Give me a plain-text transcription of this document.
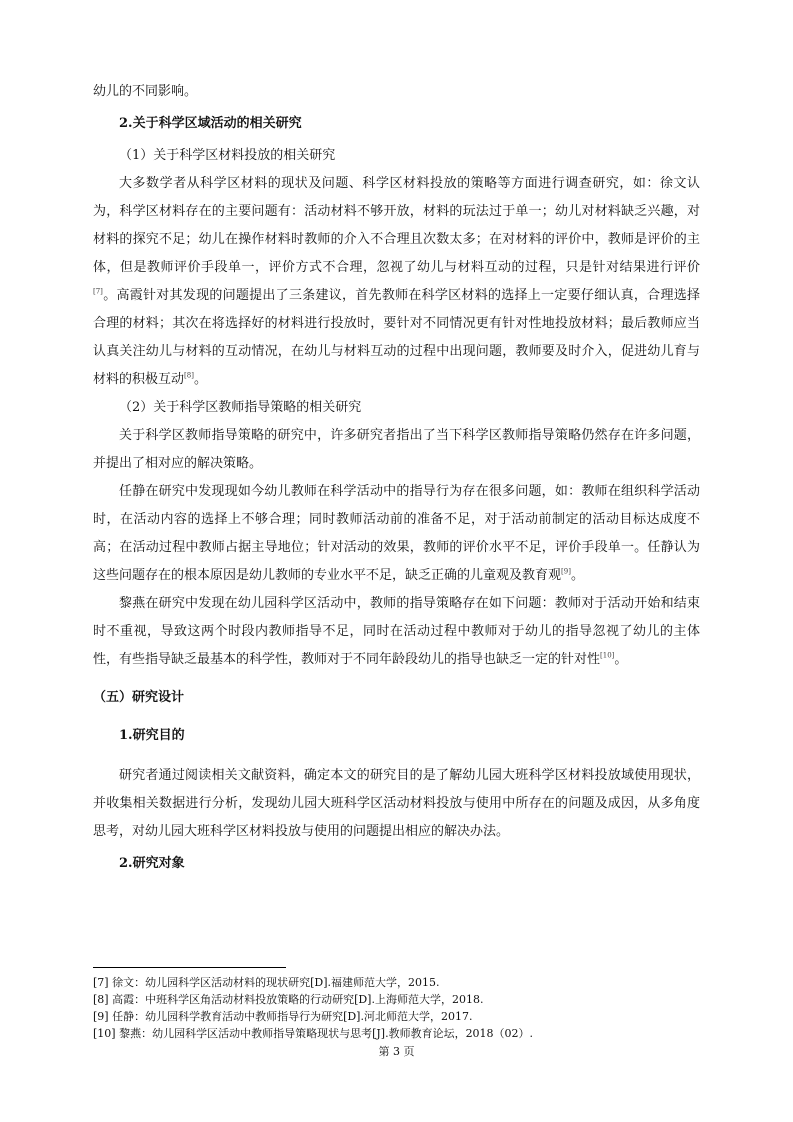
幼儿的不同影响。

2.关于科学区域活动的相关研究

（1）关于科学区材料投放的相关研究

大多数学者从科学区材料的现状及问题、科学区材料投放的策略等方面进行调查研究，如：徐文认为，科学区材料存在的主要问题有：活动材料不够开放，材料的玩法过于单一；幼儿对材料缺乏兴趣，对材料的探究不足；幼儿在操作材料时教师的介入不合理且次数太多；在对材料的评价中，教师是评价的主体，但是教师评价手段单一，评价方式不合理，忽视了幼儿与材料互动的过程，只是针对结果进行评价[7]。高霞针对其发现的问题提出了三条建议，首先教师在科学区材料的选择上一定要仔细认真，合理选择合理的材料；其次在将选择好的材料进行投放时，要针对不同情况更有针对性地投放材料；最后教师应当认真关注幼儿与材料的互动情况，在幼儿与材料互动的过程中出现问题，教师要及时介入，促进幼儿育与材料的积极互动[8]。

（2）关于科学区教师指导策略的相关研究

关于科学区教师指导策略的研究中，许多研究者指出了当下科学区教师指导策略仍然存在许多问题，并提出了相对应的解决策略。

任静在研究中发现现如今幼儿教师在科学活动中的指导行为存在很多问题，如：教师在组织科学活动时，在活动内容的选择上不够合理；同时教师活动前的准备不足，对于活动前制定的活动目标达成度不高；在活动过程中教师占据主导地位；针对活动的效果，教师的评价水平不足，评价手段单一。任静认为这些问题存在的根本原因是幼儿教师的专业水平不足，缺乏正确的儿童观及教育观[9]。

黎燕在研究中发现在幼儿园科学区活动中，教师的指导策略存在如下问题：教师对于活动开始和结束时不重视，导致这两个时段内教师指导不足，同时在活动过程中教师对于幼儿的指导忽视了幼儿的主体性，有些指导缺乏最基本的科学性，教师对于不同年龄段幼儿的指导也缺乏一定的针对性[10]。

（五）研究设计

1.研究目的

研究者通过阅读相关文献资料，确定本文的研究目的是了解幼儿园大班科学区材料投放域使用现状，并收集相关数据进行分析，发现幼儿园大班科学区活动材料投放与使用中所存在的问题及成因，从多角度思考，对幼儿园大班科学区材料投放与使用的问题提出相应的解决办法。

2.研究对象

[7] 徐文：幼儿园科学区活动材料的现状研究[D].福建师范大学，2015.
[8] 高霞：中班科学区角活动材料投放策略的行动研究[D].上海师范大学，2018.
[9] 任静：幼儿园科学教育活动中教师指导行为研究[D].河北师范大学，2017.
[10] 黎燕：幼儿园科学区活动中教师指导策略现状与思考[J].教师教育论坛，2018（02）.
第 3 页
